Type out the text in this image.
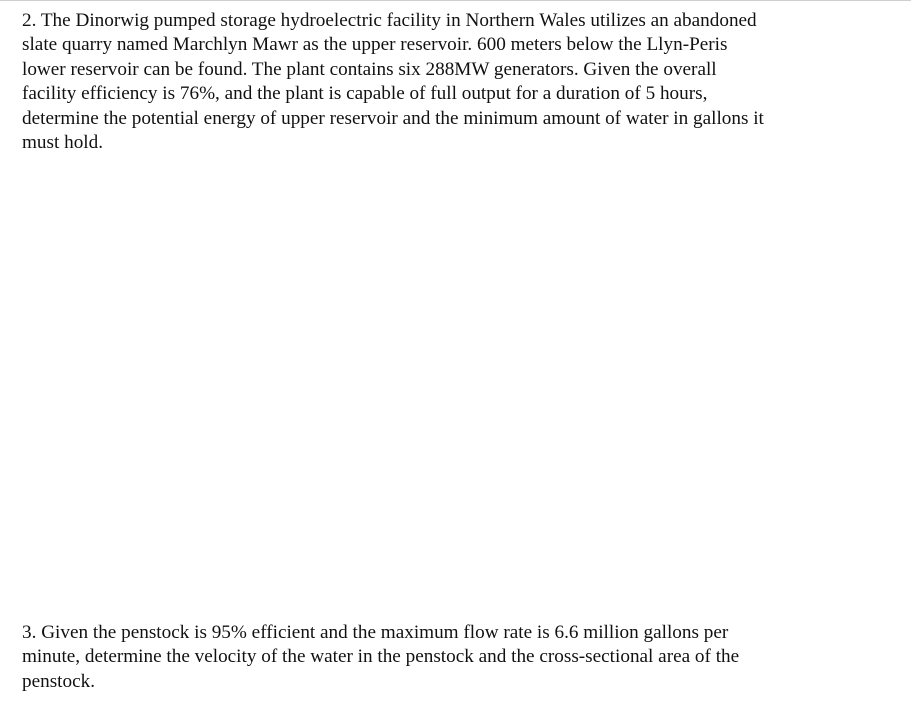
2. The Dinorwig pumped storage hydroelectric facility in Northern Wales utilizes an abandoned
slate quarry named Marchlyn Mawr as the upper reservoir. 600 meters below the Llyn-Peris
lower reservoir can be found. The plant contains six 288MW generators. Given the overall
facility efficiency is 76%, and the plant is capable of full output for a duration of 5 hours,
determine the potential energy of upper reservoir and the minimum amount of water in gallons it
must hold.
3. Given the penstock is 95% efficient and the maximum flow rate is 6.6 million gallons per
minute, determine the velocity of the water in the penstock and the cross-sectional area of the
penstock.
